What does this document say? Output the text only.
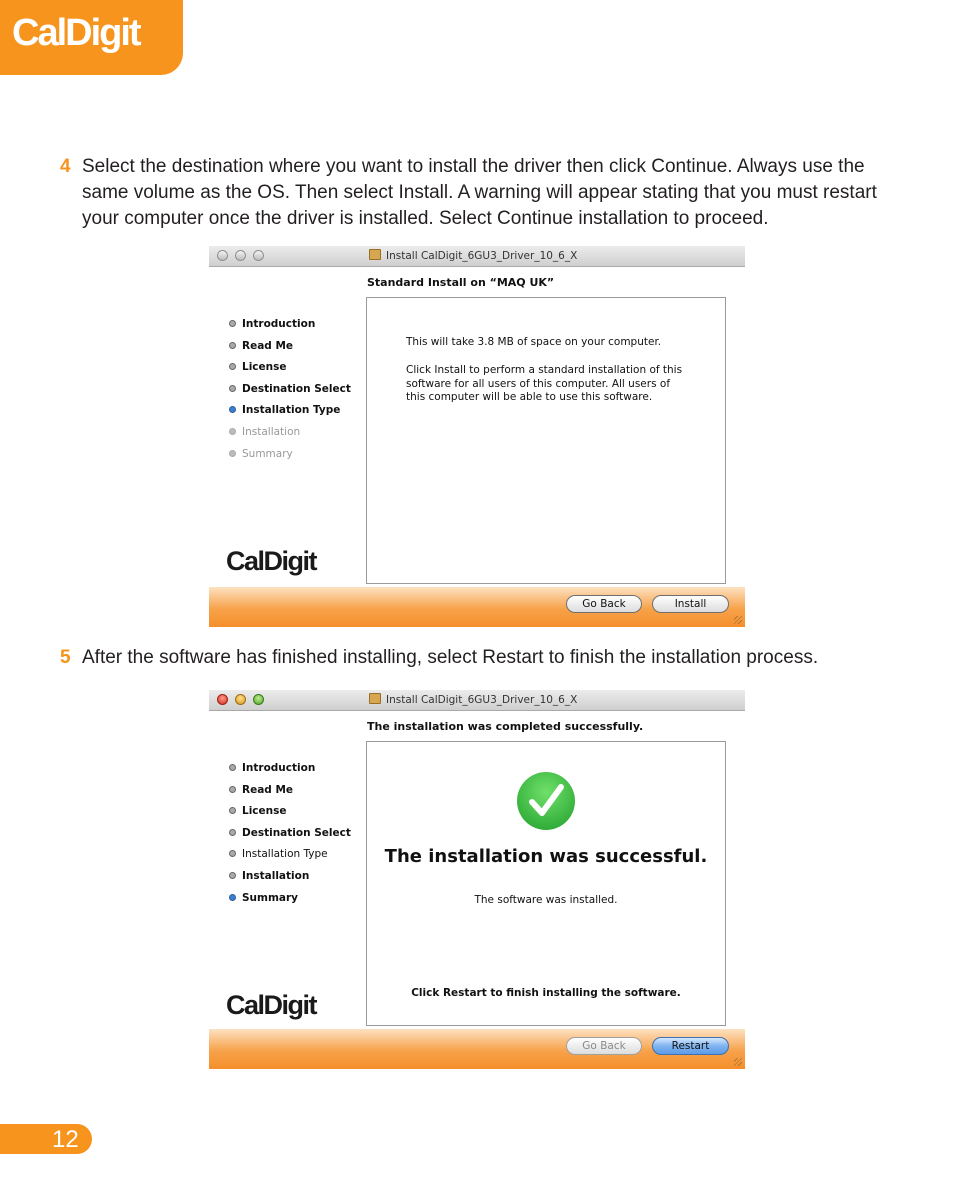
CalDigit
4 Select the destination where you want to install the driver then click Continue. Always use the same volume as the OS. Then select Install. A warning will appear stating that you must restart your computer once the driver is installed. Select Continue installation to proceed.
Install CalDigit_6GU3_Driver_10_6_X
Standard Install on “MAQ UK”
Introduction
Read Me
License
Destination Select
Installation Type
Installation
Summary

This will take 3.8 MB of space on your computer.

Click Install to perform a standard installation of this software for all users of this computer. All users of this computer will be able to use this software.

CalDigit
Go Back	Install
5 After the software has finished installing, select Restart to finish the installation process.
Install CalDigit_6GU3_Driver_10_6_X
The installation was completed successfully.
Introduction
Read Me
License
Destination Select
Installation Type
Installation
Summary
The installation was successful.

The software was installed.

Click Restart to finish installing the software.

CalDigit
Go Back	Restart
12
